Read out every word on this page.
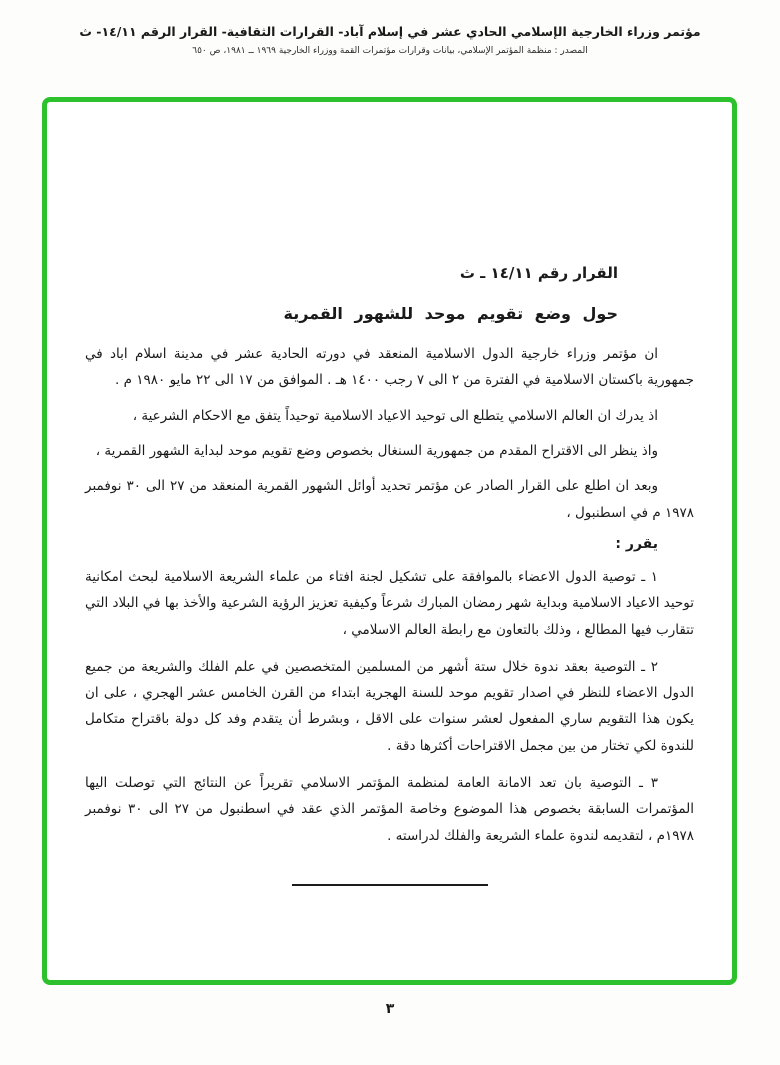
مؤتمر وزراء الخارجية الإسلامي الحادي عشر في إسلام آباد- القرارات الثقافية- القرار الرقم ١٤/١١- ث
المصدر : منظمة المؤتمر الإسلامي، بيانات وقرارات مؤتمرات القمة ووزراء الخارجية ١٩٦٩ ــ ١٩٨١، ص ٦٥٠
القرار رقم ١٤/١١ ـ ث
حول وضع تقويم موحد للشهور القمرية

ان مؤتمر وزراء خارجية الدول الاسلامية المنعقد في دورته الحادية عشر في مدينة اسلام اباد في جمهورية باكستان الاسلامية في الفترة من ٢ الى ٧ رجب ١٤٠٠ هـ . الموافق من ١٧ الى ٢٢ مايو ١٩٨٠ م .

اذ يدرك ان العالم الاسلامي يتطلع الى توحيد الاعياد الاسلامية توحيداً يتفق مع الاحكام الشرعية ،

واذ ينظر الى الاقتراح المقدم من جمهورية السنغال بخصوص وضع تقويم موحد لبداية الشهور القمرية ،

وبعد ان اطلع على القرار الصادر عن مؤتمر تحديد أوائل الشهور القمرية المنعقد من ٢٧ الى ٣٠ نوفمبر ١٩٧٨ م في اسطنبول ،

يقرر :

١ ـ توصية الدول الاعضاء بالموافقة على تشكيل لجنة افتاء من علماء الشريعة الاسلامية لبحث امكانية توحيد الاعياد الاسلامية وبداية شهر رمضان المبارك شرعاً وكيفية تعزيز الرؤية الشرعية والأخذ بها في البلاد التي تتقارب فيها المطالع ، وذلك بالتعاون مع رابطة العالم الاسلامي ،

٢ ـ التوصية بعقد ندوة خلال ستة أشهر من المسلمين المتخصصين في علم الفلك والشريعة من جميع الدول الاعضاء للنظر في اصدار تقويم موحد للسنة الهجرية ابتداء من القرن الخامس عشر الهجري ، على ان يكون هذا التقويم ساري المفعول لعشر سنوات على الاقل ، وبشرط أن يتقدم وفد كل دولة باقتراح متكامل للندوة لكي تختار من بين مجمل الاقتراحات أكثرها دقة .

٣ ـ التوصية بان تعد الامانة العامة لمنظمة المؤتمر الاسلامي تقريراً عن النتائج التي توصلت اليها المؤتمرات السابقة بخصوص هذا الموضوع وخاصة المؤتمر الذي عقد في اسطنبول من ٢٧ الى ٣٠ نوفمبر ١٩٧٨م ، لتقديمه لندوة علماء الشريعة والفلك لدراسته .

٣
